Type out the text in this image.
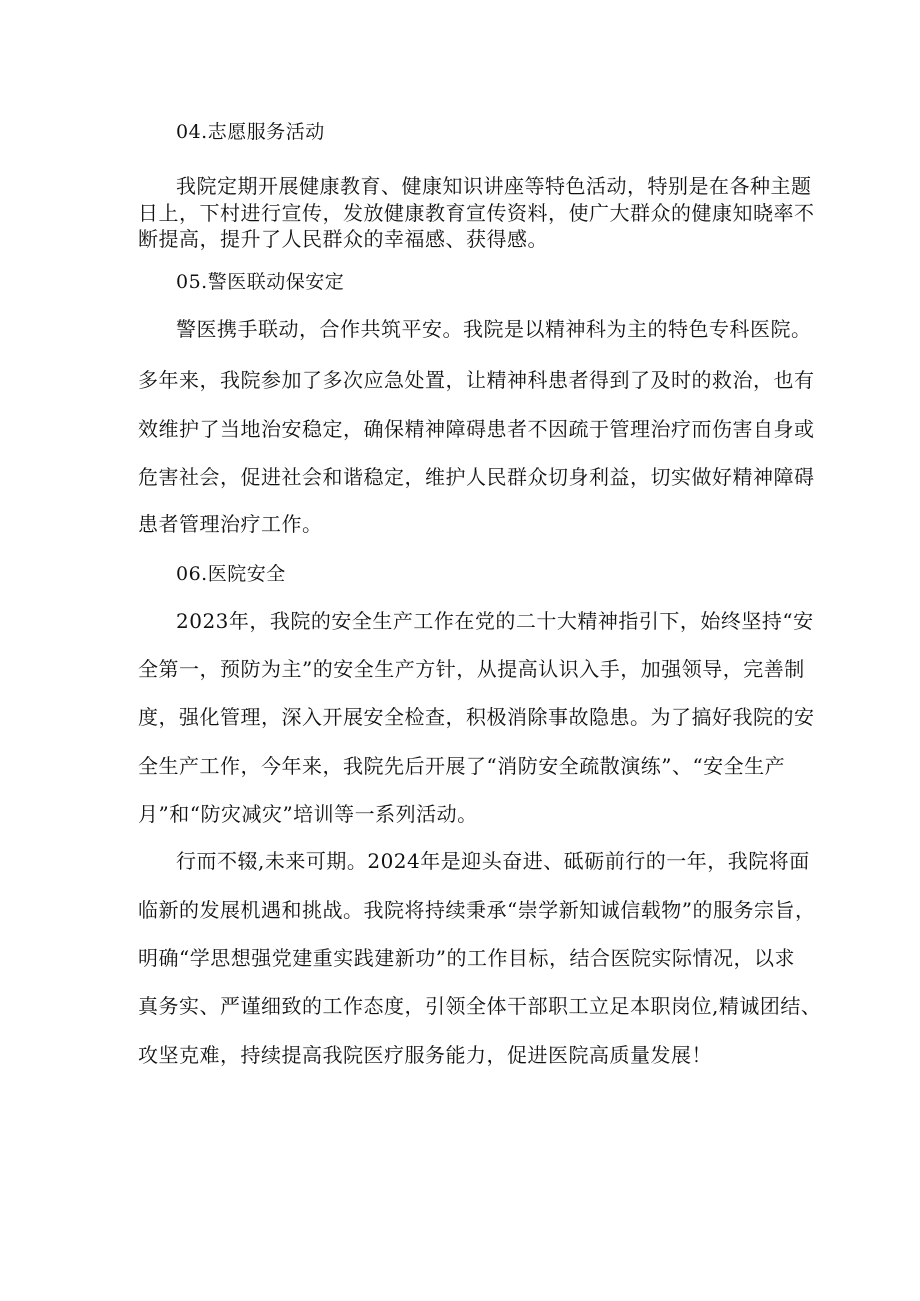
04.志愿服务活动

我院定期开展健康教育、健康知识讲座等特色活动，特别是在各种主题

日上，下村进行宣传，发放健康教育宣传资料，使广大群众的健康知晓率不

断提高，提升了人民群众的幸福感、获得感。

05.警医联动保安定

警医携手联动，合作共筑平安。我院是以精神科为主的特色专科医院。

多年来，我院参加了多次应急处置，让精神科患者得到了及时的救治，也有

效维护了当地治安稳定，确保精神障碍患者不因疏于管理治疗而伤害自身或

危害社会，促进社会和谐稳定，维护人民群众切身利益，切实做好精神障碍

患者管理治疗工作。

06.医院安全

2023年，我院的安全生产工作在党的二十大精神指引下，始终坚持“安

全第一，预防为主”的安全生产方针，从提高认识入手，加强领导，完善制

度，强化管理，深入开展安全检查，积极消除事故隐患。为了搞好我院的安

全生产工作，今年来，我院先后开展了“消防安全疏散演练”、“安全生产

月”和“防灾减灾”培训等一系列活动。

行而不辍,未来可期。2024年是迎头奋进、砥砺前行的一年，我院将面

临新的发展机遇和挑战。我院将持续秉承“崇学新知诚信载物”的服务宗旨，

明确“学思想强党建重实践建新功”的工作目标，结合医院实际情况，以求

真务实、严谨细致的工作态度，引领全体干部职工立足本职岗位,精诚团结、

攻坚克难，持续提高我院医疗服务能力，促进医院高质量发展！
